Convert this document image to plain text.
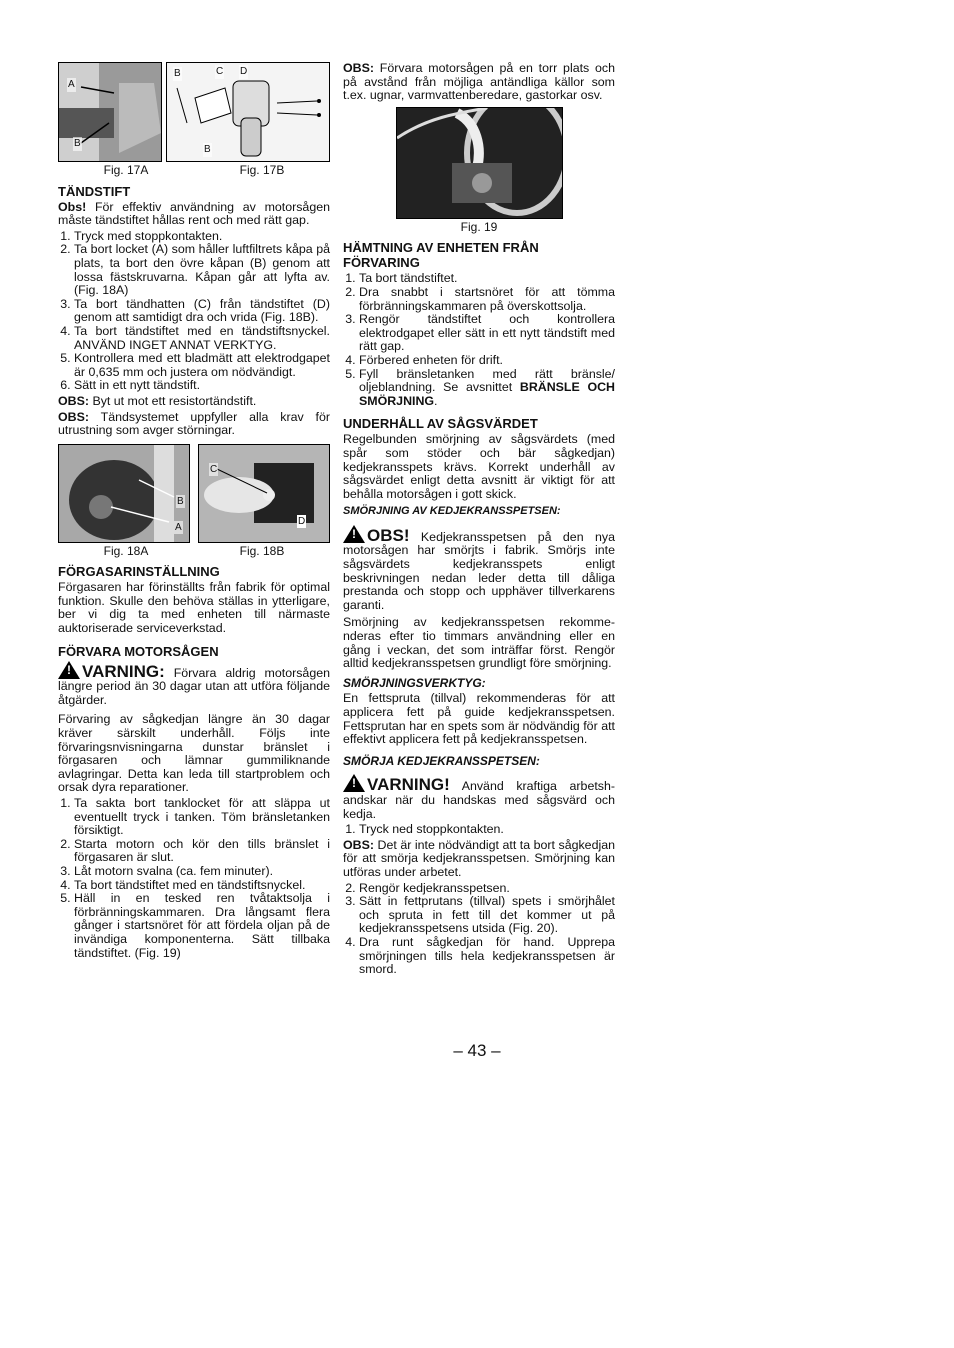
A
B
B	C D
B
Fig. 17A	Fig. 17B
TÄNDSTIFT

Obs! För effektiv användning av motorsågen måste tändstiftet hållas rent och med rätt gap.

1. Tryck med stoppkontakten.
2. Ta bort locket (A) som håller luftfiltrets kåpa på plats, ta bort den övre kåpan (B) genom att lossa fästskruvarna. Kåpan går att lyfta av. (Fig. 18A)
3. Ta bort tändhatten (C) från tändstiftet (D) genom att samtidigt dra och vrida (Fig. 18B).
4. Ta bort tändstiftet med en tändstiftsnyckel. ANVÄND INGET ANNAT VERKTYG.
5. Kontrollera med ett bladmätt att elektrodgapet är 0,635 mm och justera om nödvändigt.
6. Sätt in ett nytt tändstift.

OBS: Byt ut mot ett resistortändstift.

OBS: Tändsystemet uppfyller alla krav för utrustning som avger störningar.

B
A
C
D
Fig. 18A	Fig. 18B
FÖRGASARINSTÄLLNING

Förgasaren har förinställts från fabrik för optimal funktion. Skulle den behöva ställas in ytterligare, ber vi dig ta med enheten till närmaste auktoriserade serviceverkstad.

FÖRVARA MOTORSÅGEN

!VARNING: Förvara aldrig motorsågen längre period än 30 dagar utan att utföra följande åtgärder.

Förvaring av sågkedjan längre än 30 dagar kräver särskilt underhåll. Följs inte förvaringsnvisningarna dunstar bränslet i förgasaren och lämnar gummiliknande avlagringar. Detta kan leda till startproblem och orsak dyra reparationer.

1. Ta sakta bort tanklocket för att släppa ut eventuellt tryck i tanken. Töm bränsletanken försiktigt.
2. Starta motorn och kör den tills bränslet i förgasaren är slut.
3. Låt motorn svalna (ca. fem minuter).
4. Ta bort tändstiftet med en tändstiftsnyckel.
5. Häll in en tesked ren tvåtaktsolja i förbränningskammaren. Dra långsamt flera gånger i startsnöret för att fördela oljan på de invändiga komponenterna. Sätt tillbaka tändstiftet. (Fig. 19)

OBS: Förvara motorsågen på en torr plats och på avstånd från möjliga antändliga källor som t.ex. ugnar, varmvattenberedare, gastorkar osv.

Fig. 19
HÄMTNING AV ENHETEN FRÅN FÖRVARING
1. Ta bort tändstiftet.
2. Dra snabbt i startsnöret för att tömma förbränningskammaren på överskottsolja.
3. Rengör tändstiftet och kontrollera elektrodgapet eller sätt in ett nytt tändstift med rätt gap.
4. Förbered enheten för drift.
5. Fyll bränsletanken med rätt bränsle/ oljeblandning. Se avsnittet BRÄNSLE OCH SMÖRJNING.
UNDERHÅLL AV SÅGSVÄRDET

Regelbunden smörjning av sågsvärdets (med spår som stöder och bär sågkedjan) kedjekransspets krävs. Korrekt underhåll av sågsvärdet enligt detta avsnitt är viktigt för att behålla motorsågen i gott skick.

SMÖRJNING AV KEDJEKRANSSPETSEN:

!OBS! Kedjekransspetsen på den nya motorsågen har smörjts i fabrik. Smörjs inte sågsvärdets kedjekransspets enligt beskrivningen nedan leder detta till dåliga prestanda och stopp och upphäver tillverkarens garanti.

Smörjning av kedjekransspetsen rekomme- nderas efter tio timmars användning eller en gång i veckan, det som inträffar först. Rengör alltid kedjekransspetsen grundligt före smörjning.

SMÖRJNINGSVERKTYG:

En fettspruta (tillval) rekommenderas för att applicera fett på guide kedjekransspetsen. Fettsprutan har en spets som är nödvändig för att effektivt applicera fett på kedjekransspetsen.

SMÖRJA KEDJEKRANSSPETSEN:

!VARNING! Använd kraftiga arbetsh- andskar när du handskas med sågsvärd och kedja.

1. Tryck ned stoppkontakten.

OBS: Det är inte nödvändigt att ta bort sågkedjan för att smörja kedjekransspetsen. Smörjning kan utföras under arbetet.

2. Rengör kedjekransspetsen.
3. Sätt in fettprutans (tillval) spets i smörjhålet och spruta in fett till det kommer ut på kedjekransspetsens utsida (Fig. 20).
4. Dra runt sågkedjan för hand. Upprepa smörjningen tills hela kedjekransspetsen är smord.
– 43 –
